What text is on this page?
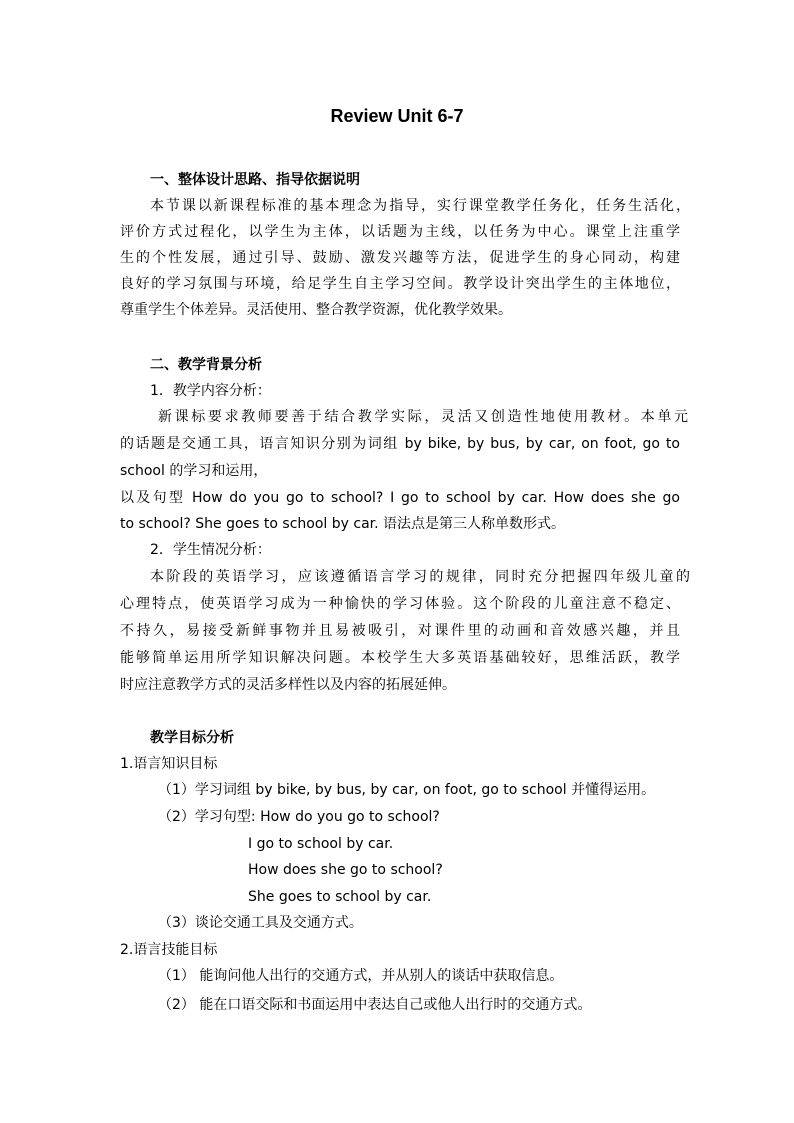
Review Unit 6-7
一、整体设计思路、指导依据说明
本节课以新课程标准的基本理念为指导，实行课堂教学任务化，任务生活化，
评价方式过程化，以学生为主体，以话题为主线，以任务为中心。课堂上注重学
生的个性发展，通过引导、鼓励、激发兴趣等方法，促进学生的身心同动，构建
良好的学习氛围与环境，给足学生自主学习空间。教学设计突出学生的主体地位，
尊重学生个体差异。灵活使用、整合教学资源，优化教学效果。
二、教学背景分析
1．教学内容分析：
新课标要求教师要善于结合教学实际，灵活又创造性地使用教材。本单元
的话题是交通工具，语言知识分别为词组 by bike, by bus, by car, on foot, go to
school 的学习和运用，
以及句型 How do you go to school? I go to school by car. How does she go
to school? She goes to school by car. 语法点是第三人称单数形式。
2．学生情况分析：
本阶段的英语学习，应该遵循语言学习的规律，同时充分把握四年级儿童的
心理特点，使英语学习成为一种愉快的学习体验。这个阶段的儿童注意不稳定、
不持久，易接受新鲜事物并且易被吸引，对课件里的动画和音效感兴趣，并且
能够简单运用所学知识解决问题。本校学生大多英语基础较好，思维活跃，教学
时应注意教学方式的灵活多样性以及内容的拓展延伸。
教学目标分析
1.语言知识目标
（1）学习词组 by bike, by bus, by car, on foot, go to school 并懂得运用。
（2）学习句型: How do you go to school?
I go to school by car.
How does she go to school?
She goes to school by car.
（3）谈论交通工具及交通方式。
2.语言技能目标
（1） 能询问他人出行的交通方式，并从别人的谈话中获取信息。
（2） 能在口语交际和书面运用中表达自己或他人出行时的交通方式。
